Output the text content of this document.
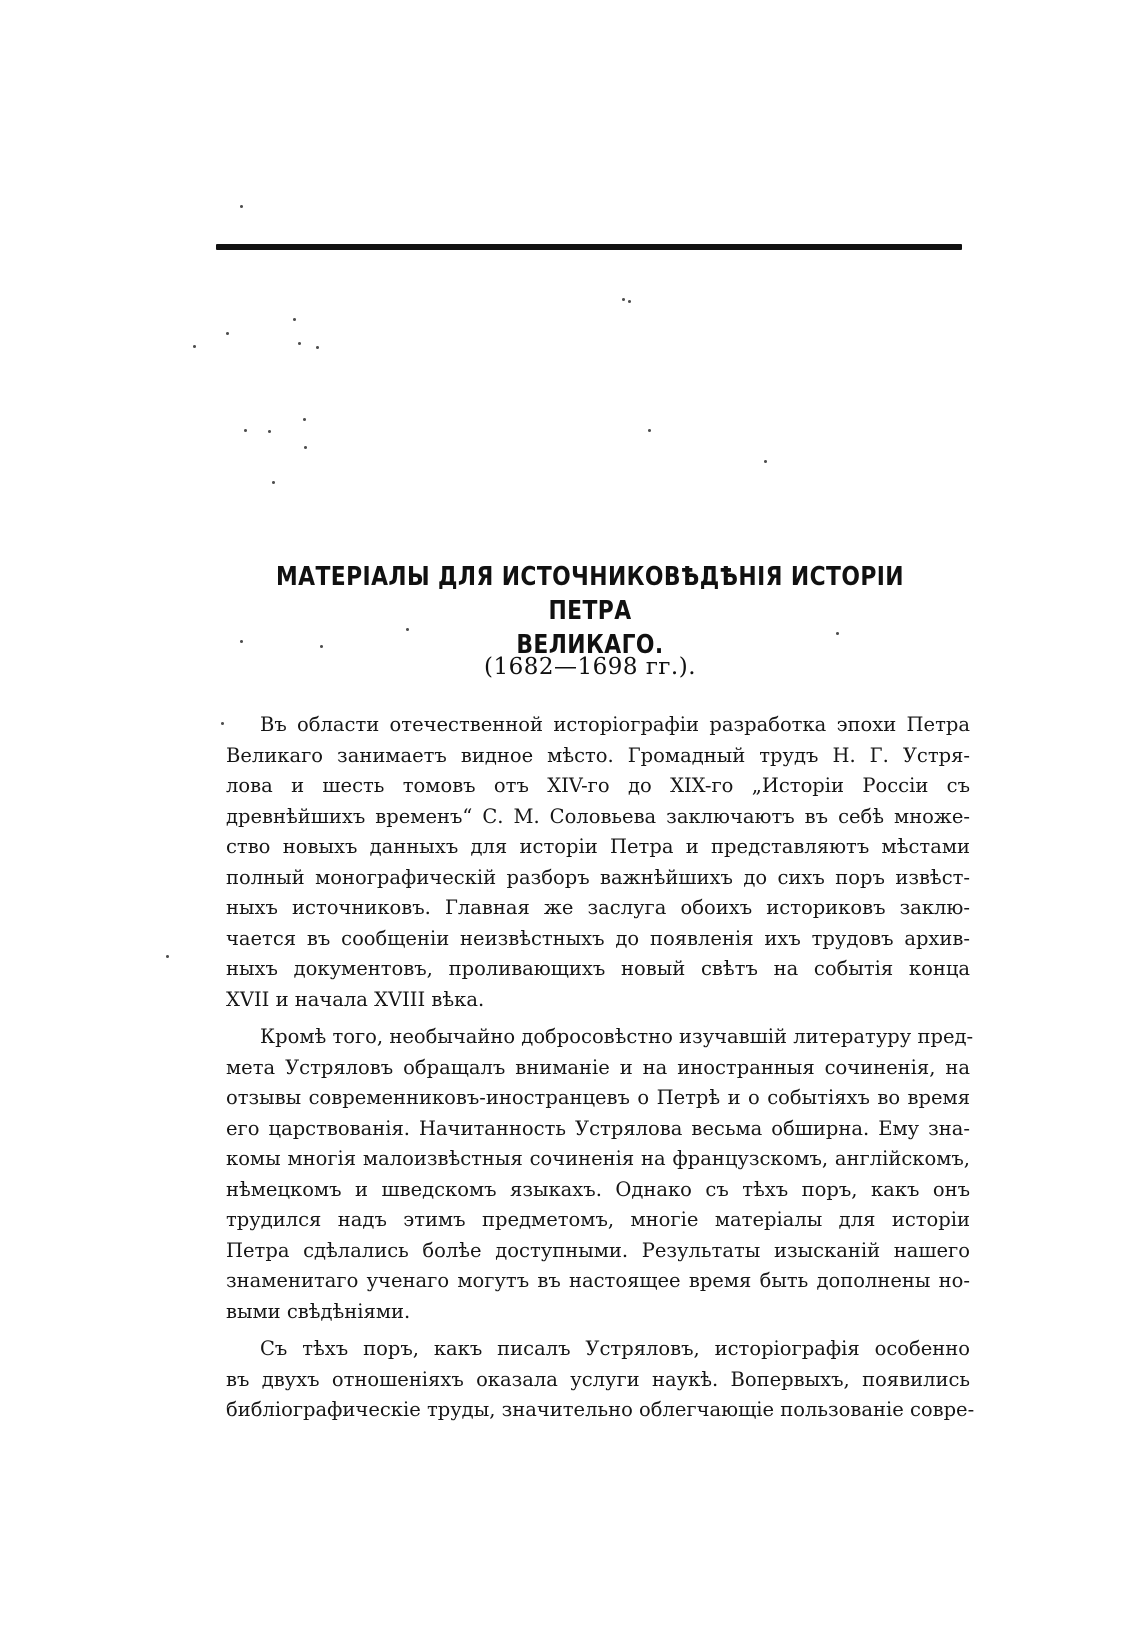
МАТЕРІАЛЫ ДЛЯ ИСТОЧНИКОВѢДѢНІЯ ИСТОРІИ ПЕТРА
ВЕЛИКАГО.
(1682—1698 гг.).

Въ области отечественной исторіографіи разработка эпохи Петра
Великаго занимаетъ видное мѣсто. Громадный трудъ Н. Г. Устря-
лова и шесть томовъ отъ XIV-го до XIX-го „Исторіи Россіи съ
древнѣйшихъ временъ“ С. М. Соловьева заключаютъ въ себѣ множе-
ство новыхъ данныхъ для исторіи Петра и представляютъ мѣстами
полный монографическій разборъ важнѣйшихъ до сихъ поръ извѣст-
ныхъ источниковъ. Главная же заслуга обоихъ историковъ заклю-
чается въ сообщеніи неизвѣстныхъ до появленія ихъ трудовъ архив-
ныхъ документовъ, проливающихъ новый свѣтъ на событія конца
XVII и начала XVIII вѣка.

Кромѣ того, необычайно добросовѣстно изучавшій литературу пред-
мета Устряловъ обращалъ вниманіе и на иностранныя сочиненія, на
отзывы современниковъ-иностранцевъ о Петрѣ и о событіяхъ во время
его царствованія. Начитанность Устрялова весьма обширна. Ему зна-
комы многія малоизвѣстныя сочиненія на французскомъ, англійскомъ,
нѣмецкомъ и шведскомъ языкахъ. Однако съ тѣхъ поръ, какъ онъ
трудился надъ этимъ предметомъ, многіе матеріалы для исторіи
Петра сдѣлались болѣе доступными. Результаты изысканій нашего
знаменитаго ученаго могутъ въ настоящее время быть дополнены но-
выми свѣдѣніями.

Съ тѣхъ поръ, какъ писалъ Устряловъ, исторіографія особенно
въ двухъ отношеніяхъ оказала услуги наукѣ. Вопервыхъ, появились
библіографическіе труды, значительно облегчающіе пользованіе совре-
